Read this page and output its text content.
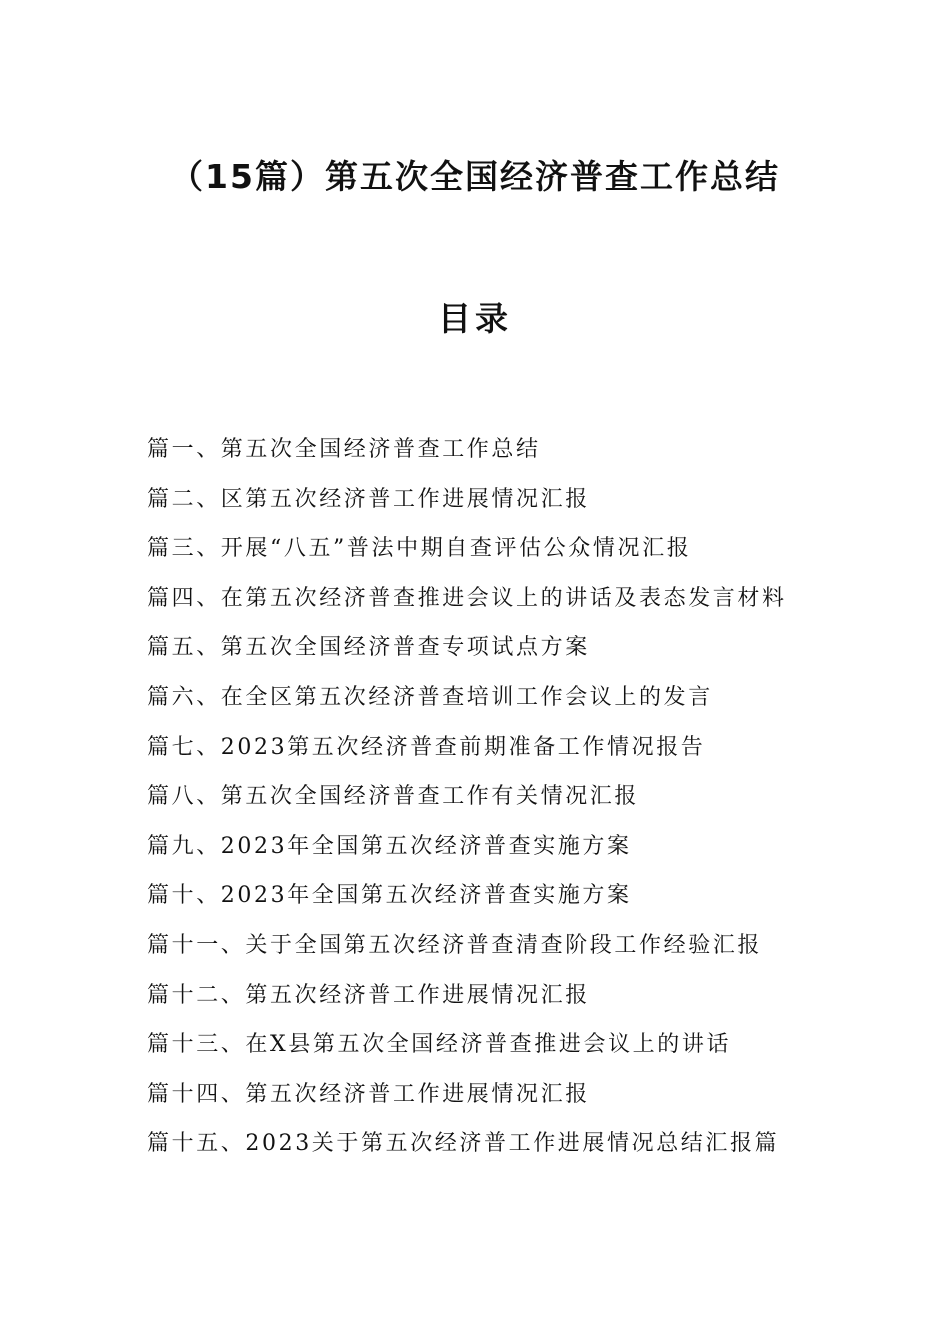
（15篇）第五次全国经济普查工作总结
目录
篇一、第五次全国经济普查工作总结
篇二、区第五次经济普工作进展情况汇报
篇三、开展“八五”普法中期自查评估公众情况汇报
篇四、在第五次经济普查推进会议上的讲话及表态发言材料
篇五、第五次全国经济普查专项试点方案
篇六、在全区第五次经济普查培训工作会议上的发言
篇七、2023第五次经济普查前期准备工作情况报告
篇八、第五次全国经济普查工作有关情况汇报
篇九、2023年全国第五次经济普查实施方案
篇十、2023年全国第五次经济普查实施方案
篇十一、关于全国第五次经济普查清查阶段工作经验汇报
篇十二、第五次经济普工作进展情况汇报
篇十三、在X县第五次全国经济普查推进会议上的讲话
篇十四、第五次经济普工作进展情况汇报
篇十五、2023关于第五次经济普工作进展情况总结汇报篇
